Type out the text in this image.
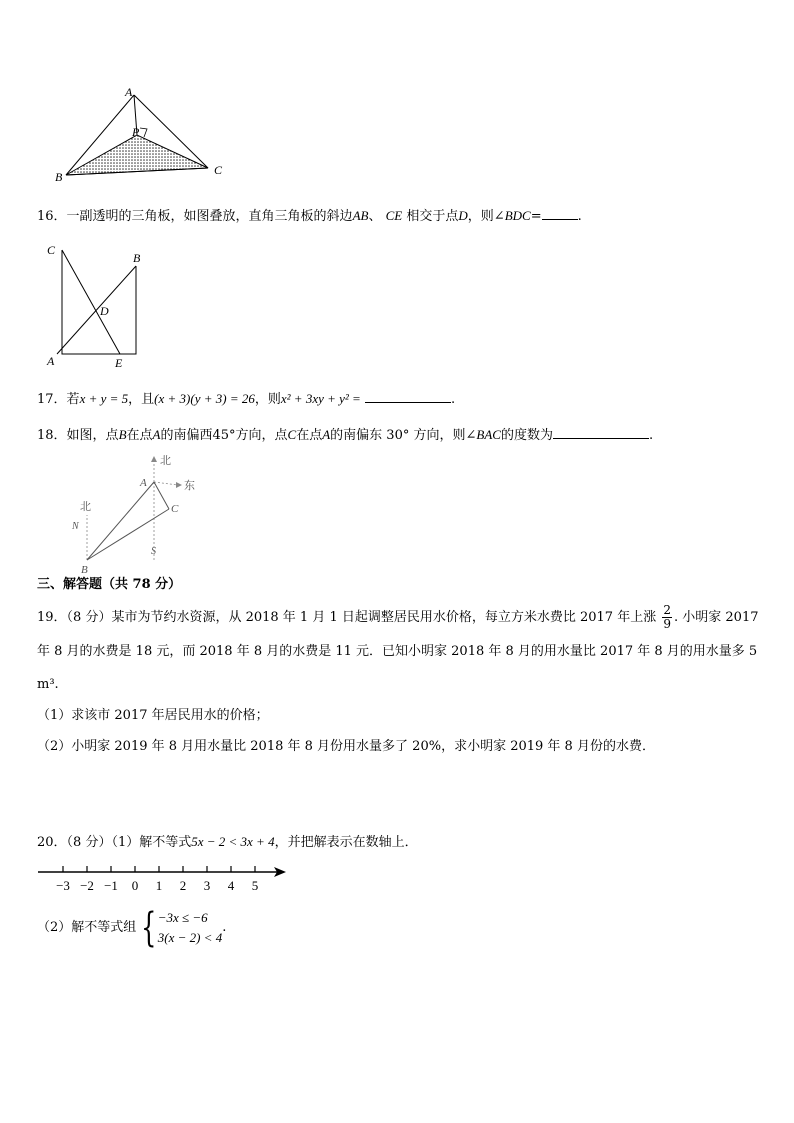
A
P
B	C
16．一副透明的三角板，如图叠放，直角三角板的斜边AB、 CE 相交于点D，则∠BDC=	.
C
B
D
A	E
17．若x + y = 5，且(x + 3)(y + 3) = 26，则x² + 3xy + y² =	.
18．如图，点B在点A的南偏西45°方向，点C在点A的南偏东 30° 方向，则∠BAC的度数为	.
北
东
北
N
A
C
S
B
三、解答题（共 78 分）
19．（8 分）某市为节约水资源，从 2018 年 1 月 1 日起调整居民用水价格，每立方米水费比 2017 年上涨 $\frac{2}{9}$ . 小明家 2017
年 8 月的水费是 18 元，而 2018 年 8 月的水费是 11 元．已知小明家 2018 年 8 月的用水量比 2017 年 8 月的用水量多 5
m³.
（1）求该市 2017 年居民用水的价格；
（2）小明家 2019 年 8 月用水量比 2018 年 8 月份用水量多了 20%，求小明家 2019 年 8 月份的水费．
20．（8 分）（1）解不等式5x − 2 < 3x + 4，并把解表示在数轴上．
−3 −2 −1 0 1 2 3 4 5
（2）解不等式组 { −3x ≤ −6
3(x − 2) < 4
.
